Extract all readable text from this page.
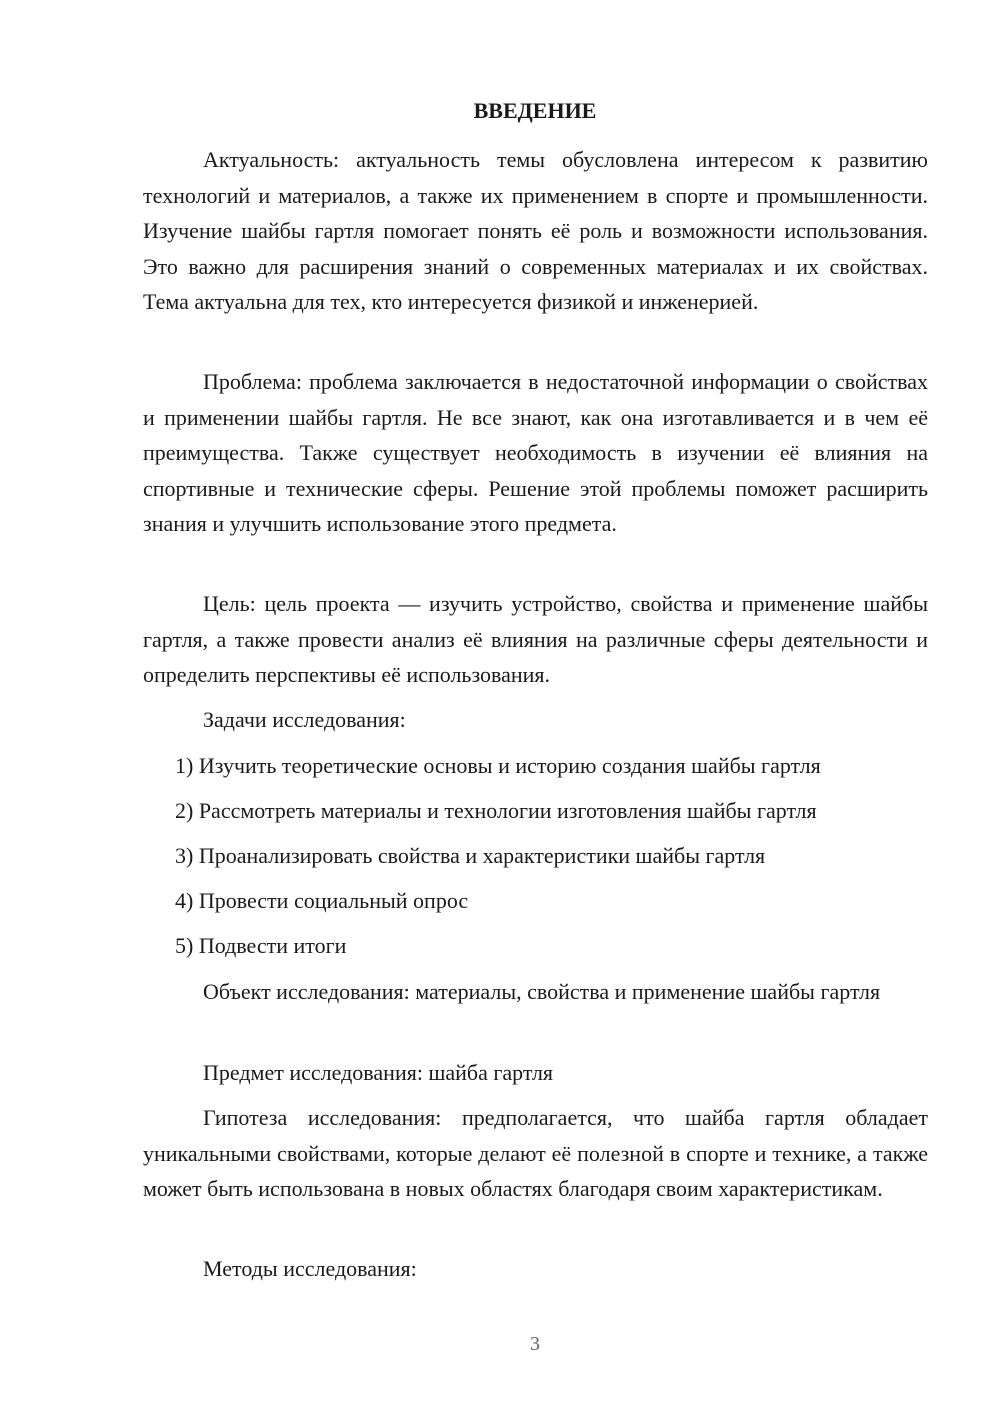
ВВЕДЕНИЕ

Актуальность: актуальность темы обусловлена интересом к развитию технологий и материалов, а также их применением в спорте и промышленности. Изучение шайбы гартля помогает понять её роль и возможности использования. Это важно для расширения знаний о современных материалах и их свойствах. Тема актуальна для тех, кто интересуется физикой и инженерией.

Проблема: проблема заключается в недостаточной информации о свойствах и применении шайбы гартля. Не все знают, как она изготавливается и в чем её преимущества. Также существует необходимость в изучении её влияния на спортивные и технические сферы. Решение этой проблемы поможет расширить знания и улучшить использование этого предмета.

Цель: цель проекта — изучить устройство, свойства и применение шайбы гартля, а также провести анализ её влияния на различные сферы деятельности и определить перспективы её использования.

Задачи исследования:

1) Изучить теоретические основы и историю создания шайбы гартля
2) Рассмотреть материалы и технологии изготовления шайбы гартля
3) Проанализировать свойства и характеристики шайбы гартля
4) Провести социальный опрос
5) Подвести итоги

Объект исследования: материалы, свойства и применение шайбы гартля

Предмет исследования: шайба гартля

Гипотеза исследования: предполагается, что шайба гартля обладает уникальными свойствами, которые делают её полезной в спорте и технике, а также может быть использована в новых областях благодаря своим характеристикам.

Методы исследования:

3
